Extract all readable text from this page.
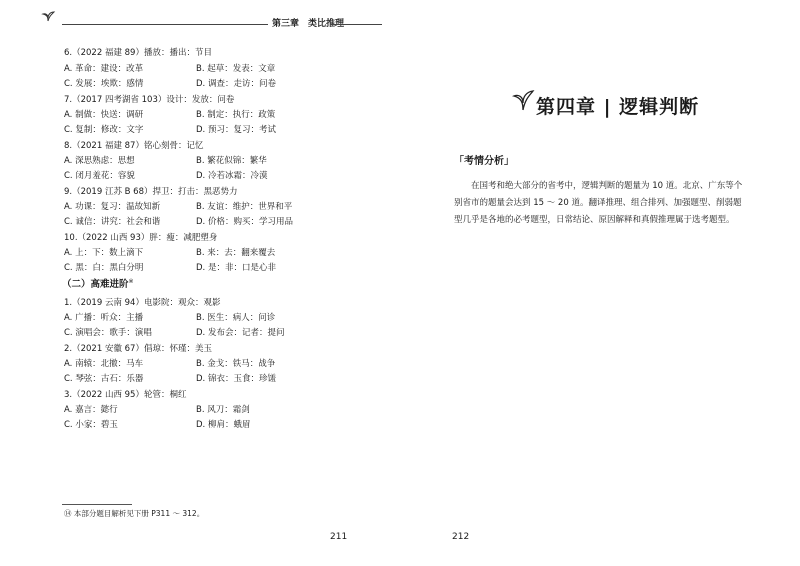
第三章　类比推理
6.（2022 福建 89）播放：播出：节目
A. 革命：建设：改革	B. 起草：发表：文章
C. 发展：埃欺：感情	D. 调查：走访：问卷
7.（2017 四考湖省 103）设计：发放：问卷
A. 制做：快送：调研	B. 制定：执行：政策
C. 复制：修改：文字	D. 预习：复习：考试
8.（2021 福建 87）铭心刻骨：记忆
A. 深思熟虑：思想	B. 繁花似锦：繁华
C. 闭月羞花：容貌	D. 冷若冰霜：冷漠
9.（2019 江苏 B 68）捍卫：打击：黑恶势力
A. 功课：复习：温故知新	B. 友谊：维护：世界和平
C. 诚信：讲究：社会和谐	D. 价格：购买：学习用品
10.（2022 山西 93）胖：瘦：减肥塑身
A. 上：下：数上滴下	B. 来：去：翻来覆去
C. 黑：白：黑白分明	D. 是：非：口是心非
（二）高难进阶※
1.（2019 云南 94）电影院：观众：观影
A. 广播：听众：主播	B. 医生：病人：问诊
C. 演唱会：歌手：演唱	D. 发布会：记者：提问
2.（2021 安徽 67）倡琼：怀瑾：美玉
A. 南辕：北撤：马车	B. 金戈：铁马：战争
C. 琴弦：古石：乐器	D. 锦衣：玉食：珍馐
3.（2022 山西 95）轮管：桐红
A. 嘉言：懿行	B. 风刀：霜剑
C. 小家：碧玉	D. 柳肩：蛾眉
⑭ 本部分题目解析见下册 P311 ～ 312。
211
第四章 | 逻辑判断
「考情分析」
在国考和绝大部分的省考中，逻辑判断的题量为 10 道。北京、广东等个别省市的题量会达到 15 ～ 20 道。翻译推理、组合排列、加强题型、削弱题型几乎是各地的必考题型，日常结论、原因解释和真假推理属于选考题型。
212
